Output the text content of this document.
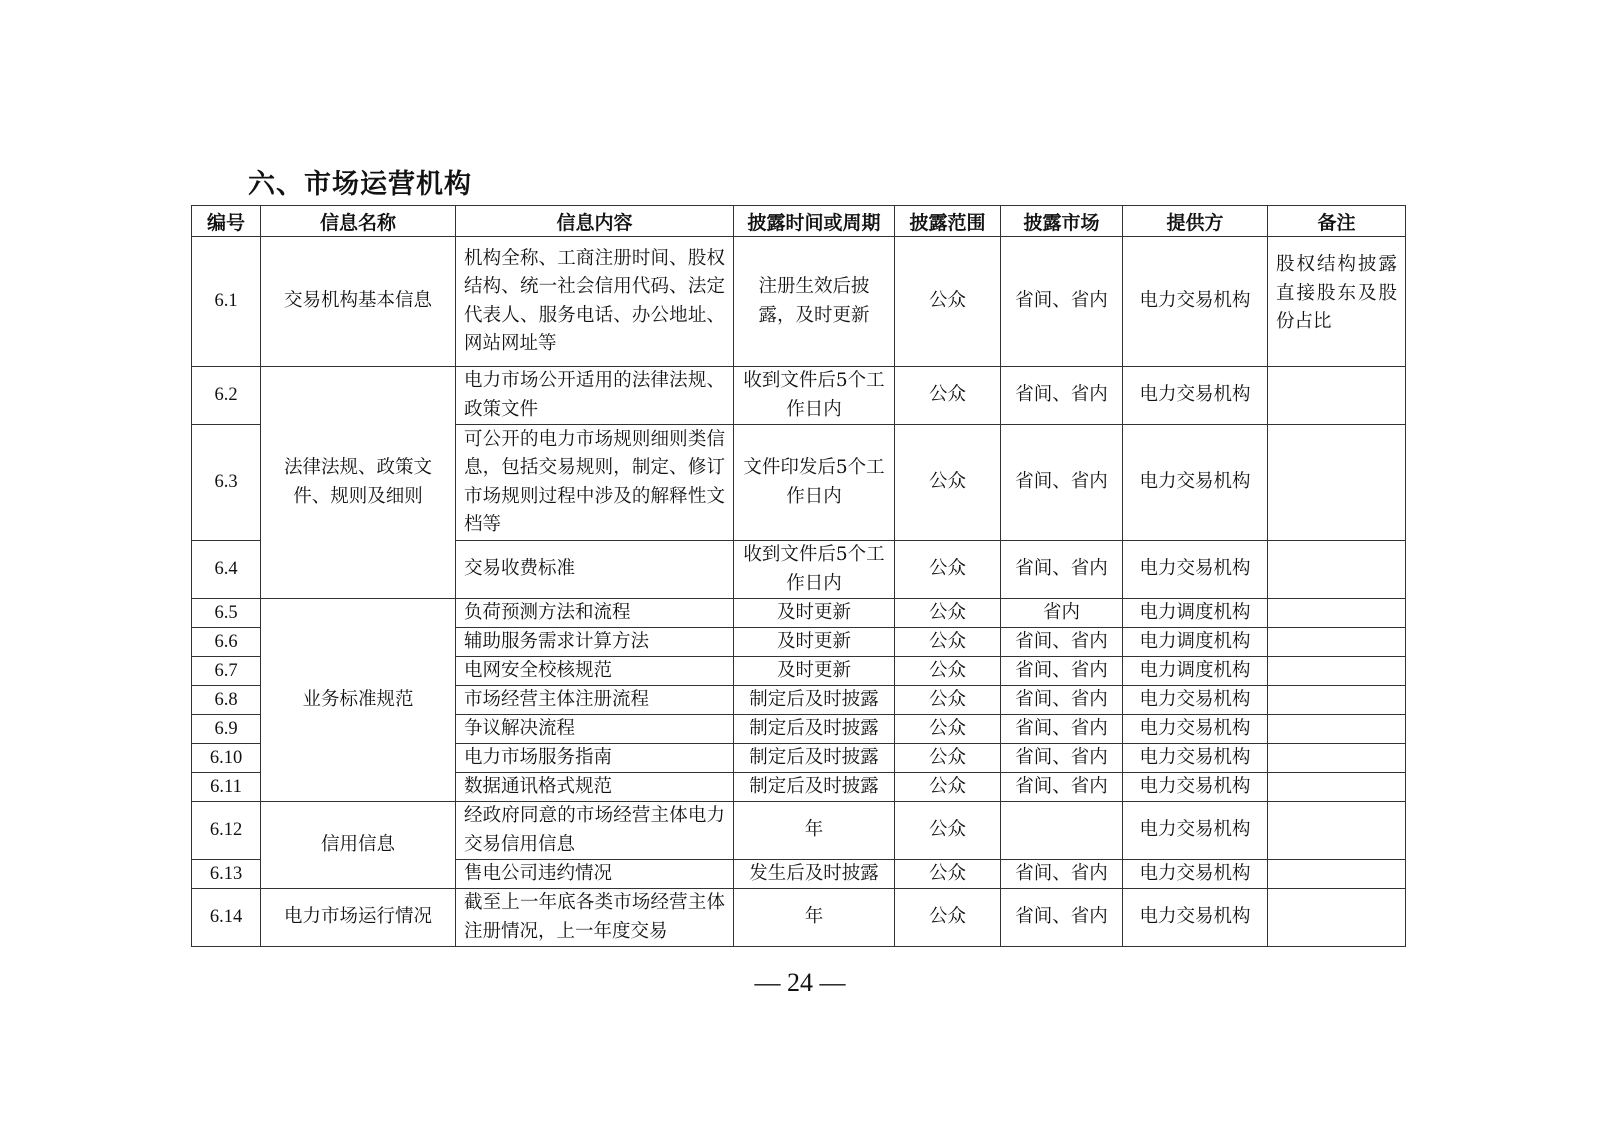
六、市场运营机构
编号	信息名称	信息内容	披露时间或周期	披露范围	披露市场	提供方	备注
6.1	交易机构基本信息	机构全称、工商注册时间、股权结构、统一社会信用代码、法定代表人、服务电话、办公地址、网站网址等	注册生效后披露，及时更新	公众	省间、省内	电力交易机构	股权结构披露直接股东及股份占比
6.2	法律法规、政策文件、规则及细则	电力市场公开适用的法律法规、政策文件	收到文件后5个工作日内	公众	省间、省内	电力交易机构	
6.3		可公开的电力市场规则细则类信息，包括交易规则，制定、修订市场规则过程中涉及的解释性文档等	文件印发后5个工作日内	公众	省间、省内	电力交易机构	
6.4		交易收费标准	收到文件后5个工作日内	公众	省间、省内	电力交易机构	
6.5	业务标准规范	负荷预测方法和流程	及时更新	公众	省内	电力调度机构	
6.6		辅助服务需求计算方法	及时更新	公众	省间、省内	电力调度机构	
6.7		电网安全校核规范	及时更新	公众	省间、省内	电力调度机构	
6.8		市场经营主体注册流程	制定后及时披露	公众	省间、省内	电力交易机构	
6.9		争议解决流程	制定后及时披露	公众	省间、省内	电力交易机构	
6.10		电力市场服务指南	制定后及时披露	公众	省间、省内	电力交易机构	
6.11		数据通讯格式规范	制定后及时披露	公众	省间、省内	电力交易机构	
6.12	信用信息	经政府同意的市场经营主体电力交易信用信息	年	公众		电力交易机构	
6.13		售电公司违约情况	发生后及时披露	公众	省间、省内	电力交易机构	
6.14	电力市场运行情况	截至上一年底各类市场经营主体注册情况，上一年度交易	年	公众	省间、省内	电力交易机构	

— 24 —
